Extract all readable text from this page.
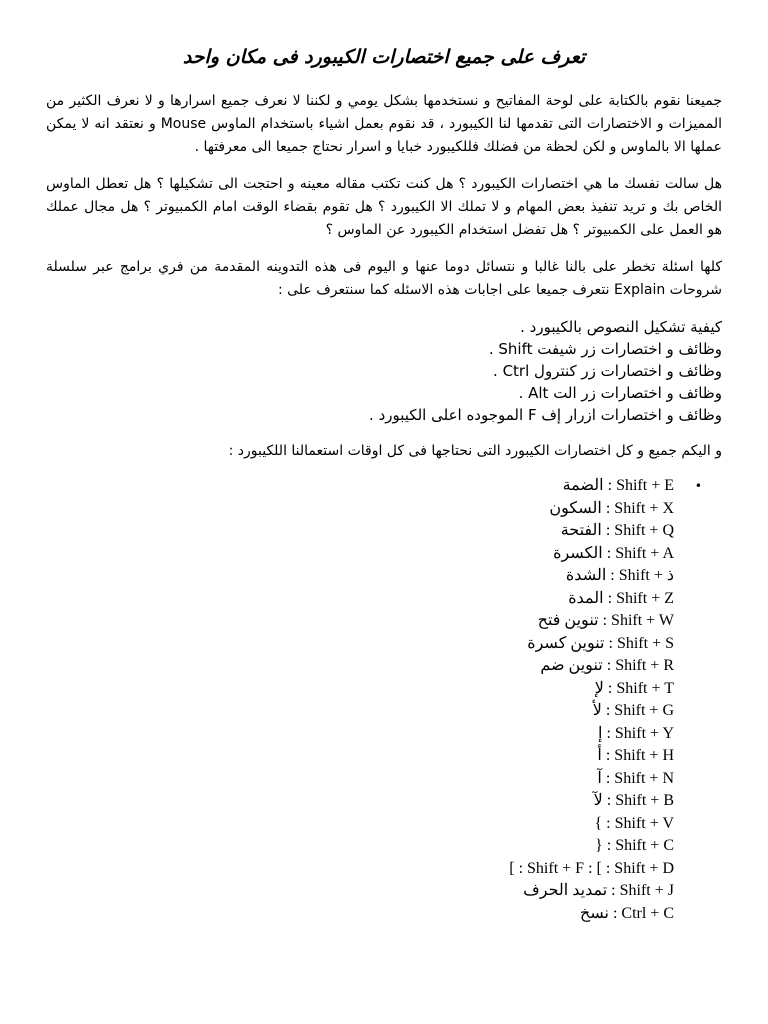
تعرف على جميع اختصارات الكيبورد فى مكان واحد

جميعنا نقوم بالكتابة على لوحة المفاتيح و نستخدمها بشكل يومي و لكننا لا نعرف جميع اسرارها و لا نعرف الكثير من المميزات و الاختصارات التى تقدمها لنا الكيبورد ، قد نقوم بعمل اشياء باستخدام الماوس Mouse و نعتقد انه لا يمكن عملها الا بالماوس و لكن لحظة من فضلك فللكيبورد خبايا و اسرار نحتاج جميعا الى معرفتها .

هل سالت نفسك ما هي اختصارات الكيبورد ؟ هل كنت تكتب مقاله معينه و احتجت الى تشكيلها ؟ هل تعطل الماوس الخاص بك و تريد تنفيذ بعض المهام و لا تملك الا الكيبورد ؟ هل تقوم بقضاء الوقت امام الكمبيوتر ؟ هل مجال عملك هو العمل على الكمبيوتر ؟ هل تفضل استخدام الكيبورد عن الماوس ؟

كلها اسئلة تخطر على بالنا غالبا و نتسائل دوما عنها و اليوم فى هذه التدوينه المقدمة من فري برامج عبر سلسلة شروحات Explain نتعرف جميعا على اجابات هذه الاسئله كما سنتعرف على :

كيفية تشكيل النصوص بالكيبورد .
وظائف و اختصارات زر شيفت Shift .
وظائف و اختصارات زر كنترول Ctrl .
وظائف و اختصارات زر الت Alt .
وظائف و اختصارات ازرار إف F الموجوده اعلى الكيبورد .

و اليكم جميع و كل اختصارات الكيبورد التى نحتاجها فى كل اوقات استعمالنا اللكيبورد :

•
الضمة : Shift + E
السكون : Shift + X
الفتحة : Shift + Q
الكسرة : Shift + A
الشدة : Shift + ذ
المدة : Shift + Z
تنوين فتح : Shift + W
تنوين كسرة : Shift + S
تنوين ضم : Shift + R
لإ : Shift + T
لأ : Shift + G
إ : Shift + Y
أ : Shift + H
آ : Shift + N
لآ : Shift + B
} : Shift + V
{ : Shift + C
] : Shift + F : ] : Shift + D
تمديد الحرف : Shift + J
نسخ : Ctrl + C
